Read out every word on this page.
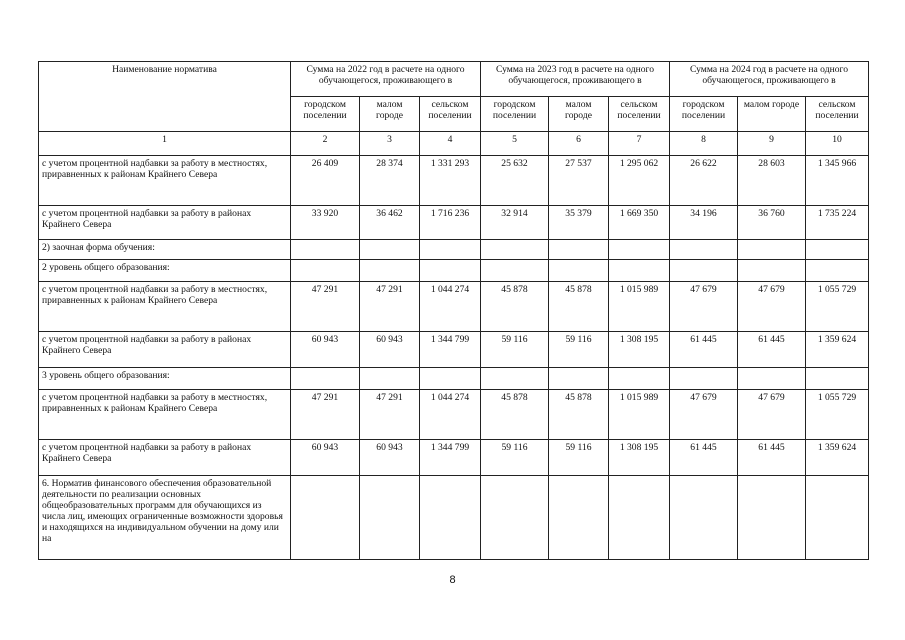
Наименование норматива	Сумма на 2022 год в расчете на одного обучающегося, проживающего в			Сумма на 2023 год в расчете на одного обучающегося, проживающего в			Сумма на 2024 год в расчете на одного обучающегося, проживающего в		
	городском поселении	малом городе	сельском поселении	городском поселении	малом городе	сельском поселении	городском поселении	малом городе	сельском поселении
1	2	3	4	5	6	7	8	9	10
с учетом процентной надбавки за работу в местностях, приравненных к районам Крайнего Севера	26 409	28 374	1 331 293	25 632	27 537	1 295 062	26 622	28 603	1 345 966
с учетом процентной надбавки за работу в районах Крайнего Севера	33 920	36 462	1 716 236	32 914	35 379	1 669 350	34 196	36 760	1 735 224
2) заочная форма обучения:									
2 уровень общего образования:									
с учетом процентной надбавки за работу в местностях, приравненных к районам Крайнего Севера	47 291	47 291	1 044 274	45 878	45 878	1 015 989	47 679	47 679	1 055 729
с учетом процентной надбавки за работу в районах Крайнего Севера	60 943	60 943	1 344 799	59 116	59 116	1 308 195	61 445	61 445	1 359 624
3 уровень общего образования:									
с учетом процентной надбавки за работу в местностях, приравненных к районам Крайнего Севера	47 291	47 291	1 044 274	45 878	45 878	1 015 989	47 679	47 679	1 055 729
с учетом процентной надбавки за работу в районах Крайнего Севера	60 943	60 943	1 344 799	59 116	59 116	1 308 195	61 445	61 445	1 359 624
6. Норматив финансового обеспечения образовательной деятельности по реализации основных общеобразовательных программ для обучающихся из числа лиц, имеющих ограниченные возможности здоровья и находящихся на индивидуальном обучении на дому или на									
8
